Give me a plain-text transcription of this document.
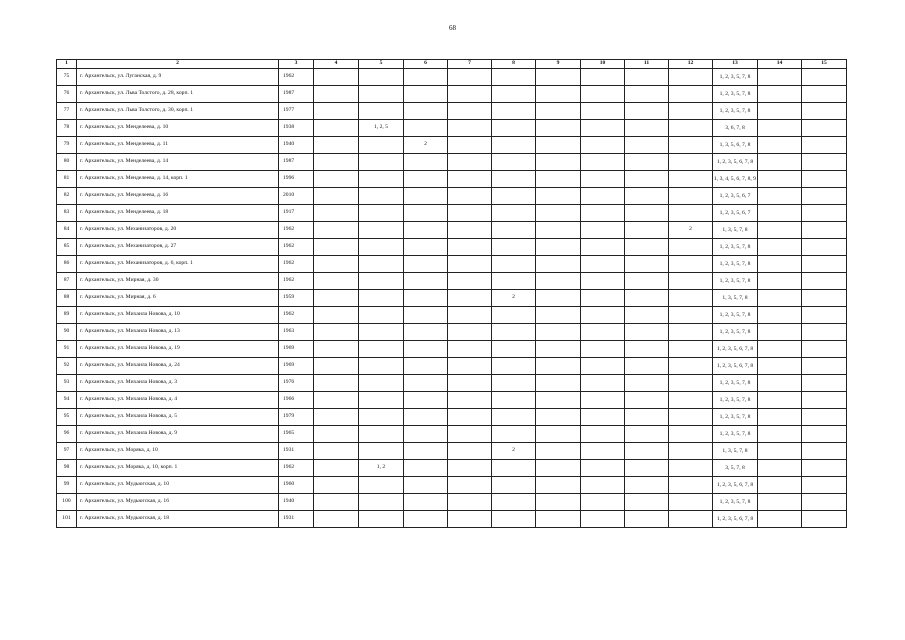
68
1	2	3	4	5	6	7	8	9	10	11	12	13	14	15
75	г. Архангельск, ул. Луганская, д. 9	1962										1, 2, 3, 5, 7, 8		
76	г. Архангельск, ул. Льва Толстого, д. 28, корп. 1	1987										1, 2, 3, 5, 7, 8		
77	г. Архангельск, ул. Льва Толстого, д. 30, корп. 1	1977										1, 2, 3, 5, 7, 8		
78	г. Архангельск, ул. Менделеева, д. 10	1938		1, 2, 5								3, 6, 7, 8		
79	г. Архангельск, ул. Менделеева, д. 11	1940			2							1, 3, 5, 6, 7, 8		
80	г. Архангельск, ул. Менделеева, д. 14	1987										1, 2, 3, 5, 6, 7, 8		
81	г. Архангельск, ул. Менделеева, д. 14, корп. 1	1996										1, 3, 4, 5, 6, 7, 8, 9		
82	г. Архангельск, ул. Менделеева, д. 16	2010										1, 2, 3, 5, 6, 7		
83	г. Архангельск, ул. Менделеева, д. 18	1917										1, 2, 3, 5, 6, 7		
84	г. Архангельск, ул. Механизаторов, д. 20	1962									2	1, 3, 5, 7, 8		
85	г. Архангельск, ул. Механизаторов, д. 27	1962										1, 2, 3, 5, 7, 8		
86	г. Архангельск, ул. Механизаторов, д. 6, корп. 1	1962										1, 2, 3, 5, 7, 8		
87	г. Архангельск, ул. Мирная, д. 30	1962										1, 2, 3, 5, 7, 8		
88	г. Архангельск, ул. Мирная, д. 6	1959					2					1, 3, 5, 7, 8		
89	г. Архангельск, ул. Михаила Новова, д. 10	1962										1, 2, 3, 5, 7, 8		
90	г. Архангельск, ул. Михаила Новова, д. 13	1963										1, 2, 3, 5, 7, 8		
91	г. Архангельск, ул. Михаила Новова, д. 19	1969										1, 2, 3, 5, 6, 7, 8		
92	г. Архангельск, ул. Михаила Новова, д. 24	1969										1, 2, 3, 5, 6, 7, 8		
93	г. Архангельск, ул. Михаила Новова, д. 3	1976										1, 2, 3, 5, 7, 8		
94	г. Архангельск, ул. Михаила Новова, д. 4	1966										1, 2, 3, 5, 7, 8		
95	г. Архангельск, ул. Михаила Новова, д. 5	1979										1, 2, 3, 5, 7, 8		
96	г. Архангельск, ул. Михаила Новова, д. 9	1965										1, 2, 3, 5, 7, 8		
97	г. Архангельск, ул. Моряка, д. 10	1931					2					1, 3, 5, 7, 8		
98	г. Архангельск, ул. Моряка, д. 10, корп. 1	1962		1, 2								3, 5, 7, 8		
99	г. Архангельск, ул. Мудьюгская, д. 10	1960										1, 2, 3, 5, 6, 7, 8		
100	г. Архангельск, ул. Мудьюгская, д. 16	1940										1, 2, 3, 5, 7, 8		
101	г. Архангельск, ул. Мудьюгская, д. 18	1931										1, 2, 3, 5, 6, 7, 8		
